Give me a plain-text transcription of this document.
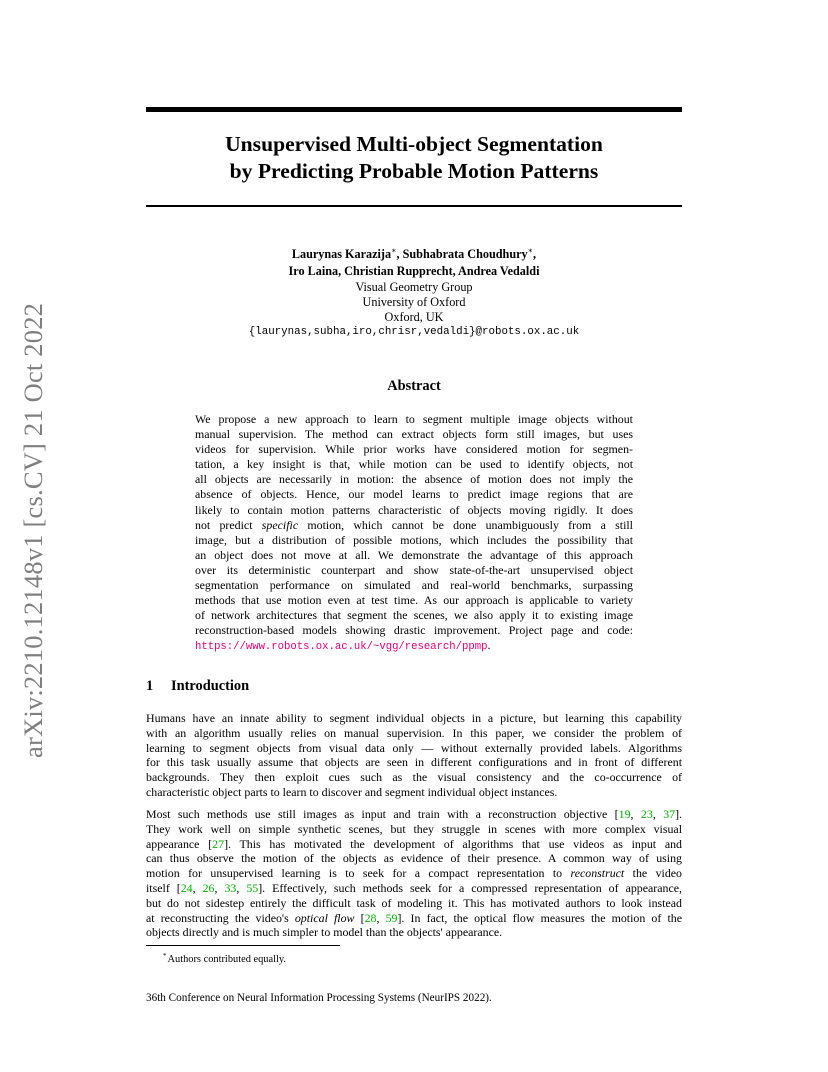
arXiv:2210.12148v1 [cs.CV] 21 Oct 2022
Unsupervised Multi-object Segmentation
by Predicting Probable Motion Patterns
Laurynas Karazija∗, Subhabrata Choudhury∗,
Iro Laina, Christian Rupprecht, Andrea Vedaldi
Visual Geometry Group
University of Oxford
Oxford, UK
{laurynas,subha,iro,chrisr,vedaldi}@robots.ox.ac.uk
Abstract
We propose a new approach to learn to segment multiple image objects without
manual supervision. The method can extract objects form still images, but uses
videos for supervision. While prior works have considered motion for segmen-
tation, a key insight is that, while motion can be used to identify objects, not
all objects are necessarily in motion: the absence of motion does not imply the
absence of objects. Hence, our model learns to predict image regions that are
likely to contain motion patterns characteristic of objects moving rigidly. It does
not predict specific motion, which cannot be done unambiguously from a still
image, but a distribution of possible motions, which includes the possibility that
an object does not move at all. We demonstrate the advantage of this approach
over its deterministic counterpart and show state-of-the-art unsupervised object
segmentation performance on simulated and real-world benchmarks, surpassing
methods that use motion even at test time. As our approach is applicable to variety
of network architectures that segment the scenes, we also apply it to existing image
reconstruction-based models showing drastic improvement. Project page and code:
https://www.robots.ox.ac.uk/~vgg/research/ppmp.
1 Introduction
Humans have an innate ability to segment individual objects in a picture, but learning this capability
with an algorithm usually relies on manual supervision. In this paper, we consider the problem of
learning to segment objects from visual data only — without externally provided labels. Algorithms
for this task usually assume that objects are seen in different configurations and in front of different
backgrounds. They then exploit cues such as the visual consistency and the co-occurrence of
characteristic object parts to learn to discover and segment individual object instances.
Most such methods use still images as input and train with a reconstruction objective [19, 23, 37].
They work well on simple synthetic scenes, but they struggle in scenes with more complex visual
appearance [27]. This has motivated the development of algorithms that use videos as input and
can thus observe the motion of the objects as evidence of their presence. A common way of using
motion for unsupervised learning is to seek for a compact representation to reconstruct the video
itself [24, 26, 33, 55]. Effectively, such methods seek for a compressed representation of appearance,
but do not sidestep entirely the difficult task of modeling it. This has motivated authors to look instead
at reconstructing the video's optical flow [28, 59]. In fact, the optical flow measures the motion of the
objects directly and is much simpler to model than the objects' appearance.
*Authors contributed equally.
36th Conference on Neural Information Processing Systems (NeurIPS 2022).
